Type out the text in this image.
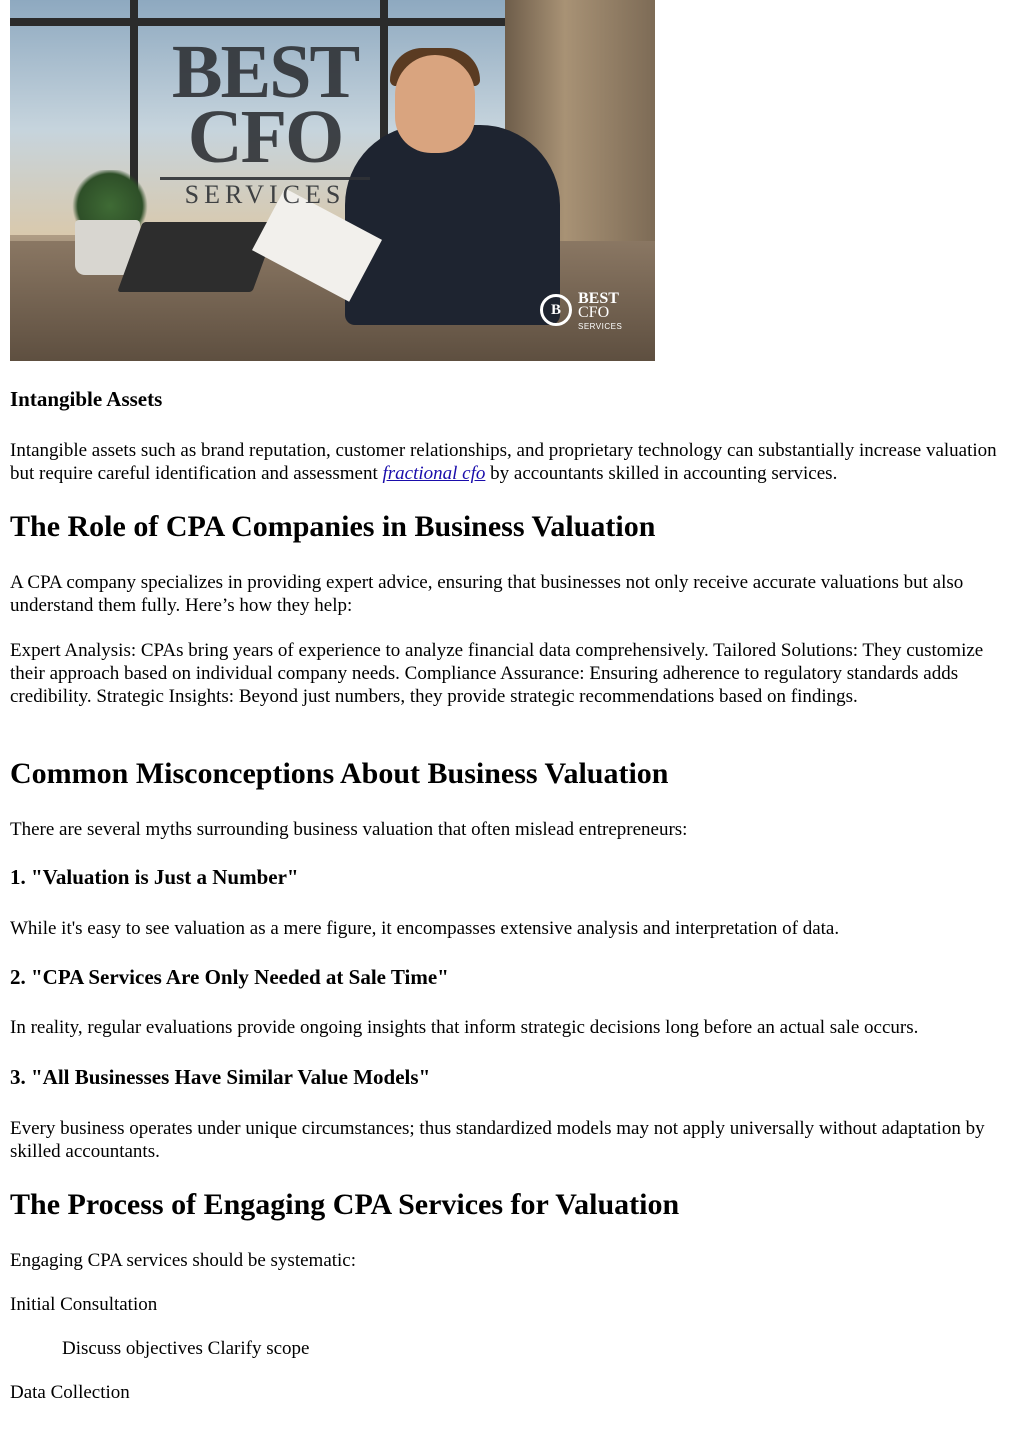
BEST
CFO
SERVICES
B
BEST
CFO
SERVICES
Intangible Assets

Intangible assets such as brand reputation, customer relationships, and proprietary technology can substantially increase valuation but require careful identification and assessment fractional cfo by accountants skilled in accounting services.

The Role of CPA Companies in Business Valuation

A CPA company specializes in providing expert advice, ensuring that businesses not only receive accurate valuations but also understand them fully. Here’s how they help:

Expert Analysis: CPAs bring years of experience to analyze financial data comprehensively. Tailored Solutions: They customize their approach based on individual company needs. Compliance Assurance: Ensuring adherence to regulatory standards adds credibility. Strategic Insights: Beyond just numbers, they provide strategic recommendations based on findings.

Common Misconceptions About Business Valuation

There are several myths surrounding business valuation that often mislead entrepreneurs:

1. "Valuation is Just a Number"

While it's easy to see valuation as a mere figure, it encompasses extensive analysis and interpretation of data.

2. "CPA Services Are Only Needed at Sale Time"

In reality, regular evaluations provide ongoing insights that inform strategic decisions long before an actual sale occurs.

3. "All Businesses Have Similar Value Models"

Every business operates under unique circumstances; thus standardized models may not apply universally without adaptation by skilled accountants.

The Process of Engaging CPA Services for Valuation

Engaging CPA services should be systematic:

Initial Consultation

Discuss objectives Clarify scope

Data Collection
